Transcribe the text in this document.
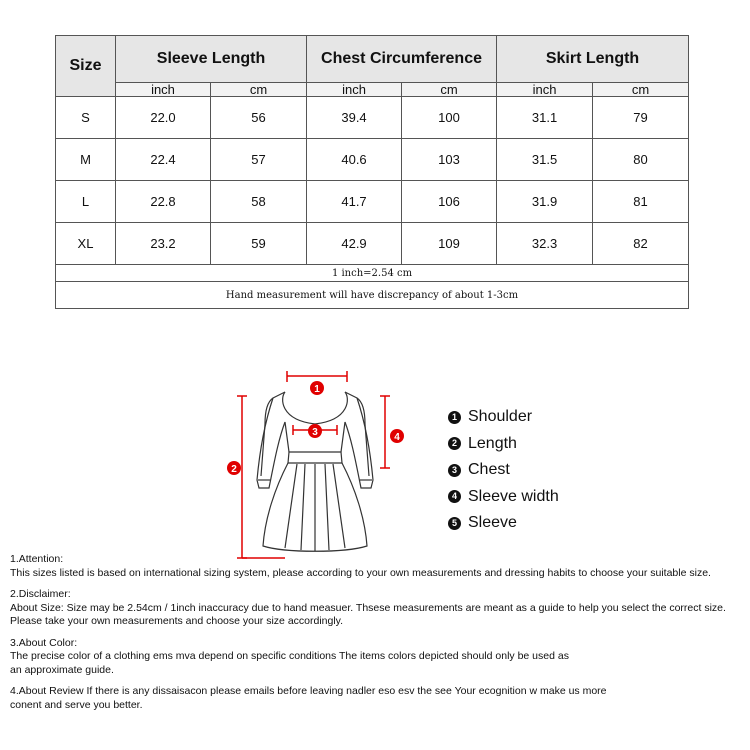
Size	Sleeve Length		Chest Circumference		Skirt Length	
	inch	cm	inch	cm	inch	cm
S	22.0	56	39.4	100	31.1	79
M	22.4	57	40.6	103	31.5	80
L	22.8	58	41.7	106	31.9	81
XL	23.2	59	42.9	109	32.3	82
1 inch=2.54 cm						
Hand measurement will have discrepancy of about 1-3cm						
1
2
3	4
1 Shoulder
2 Length
3 Chest
4 Sleeve width
5 Sleeve

1.Attention:
This sizes listed is based on international sizing system, please according to your own measurements and dressing habits to choose your suitable size.

2.Disclaimer:
About Size: Size may be 2.54cm / 1inch inaccuracy due to hand measuer. Thsese measurements are meant as a guide to help you select the correct size.
Please take your own measurements and choose your size accordingly.

3.About Color:
The precise color of a clothing ems mva depend on specific conditions The items colors depicted should only be used as
an approximate guide.

4.About Review If there is any dissaisacon please emails before leaving nadler eso esv the see Your ecognition w make us more
conent and serve you better.
